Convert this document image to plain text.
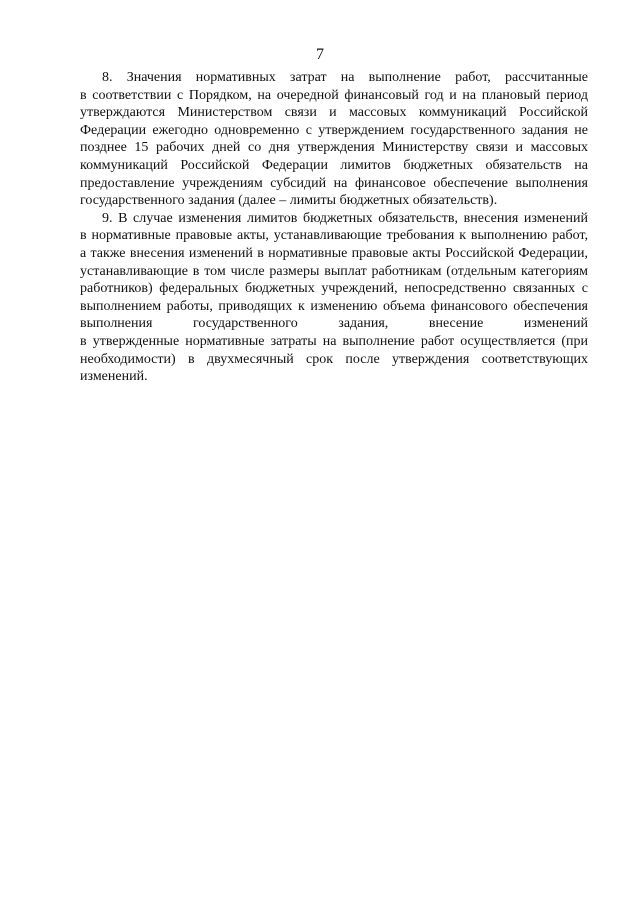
7
8. Значения нормативных затрат на выполнение работ, рассчитанные
в соответствии с Порядком, на очередной финансовый год и на плановый период
утверждаются Министерством связи и массовых коммуникаций Российской
Федерации ежегодно одновременно с утверждением государственного задания не
позднее 15 рабочих дней со дня утверждения Министерству связи и массовых
коммуникаций Российской Федерации лимитов бюджетных обязательств на
предоставление учреждениям субсидий на финансовое обеспечение выполнения
государственного задания (далее – лимиты бюджетных обязательств).
9. В случае изменения лимитов бюджетных обязательств, внесения изменений
в нормативные правовые акты, устанавливающие требования к выполнению работ,
а также внесения изменений в нормативные правовые акты Российской Федерации,
устанавливающие в том числе размеры выплат работникам (отдельным категориям
работников) федеральных бюджетных учреждений, непосредственно связанных с
выполнением работы, приводящих к изменению объема финансового обеспечения
выполнения государственного задания, внесение изменений
в утвержденные нормативные затраты на выполнение работ осуществляется (при
необходимости) в двухмесячный срок после утверждения соответствующих
изменений.
